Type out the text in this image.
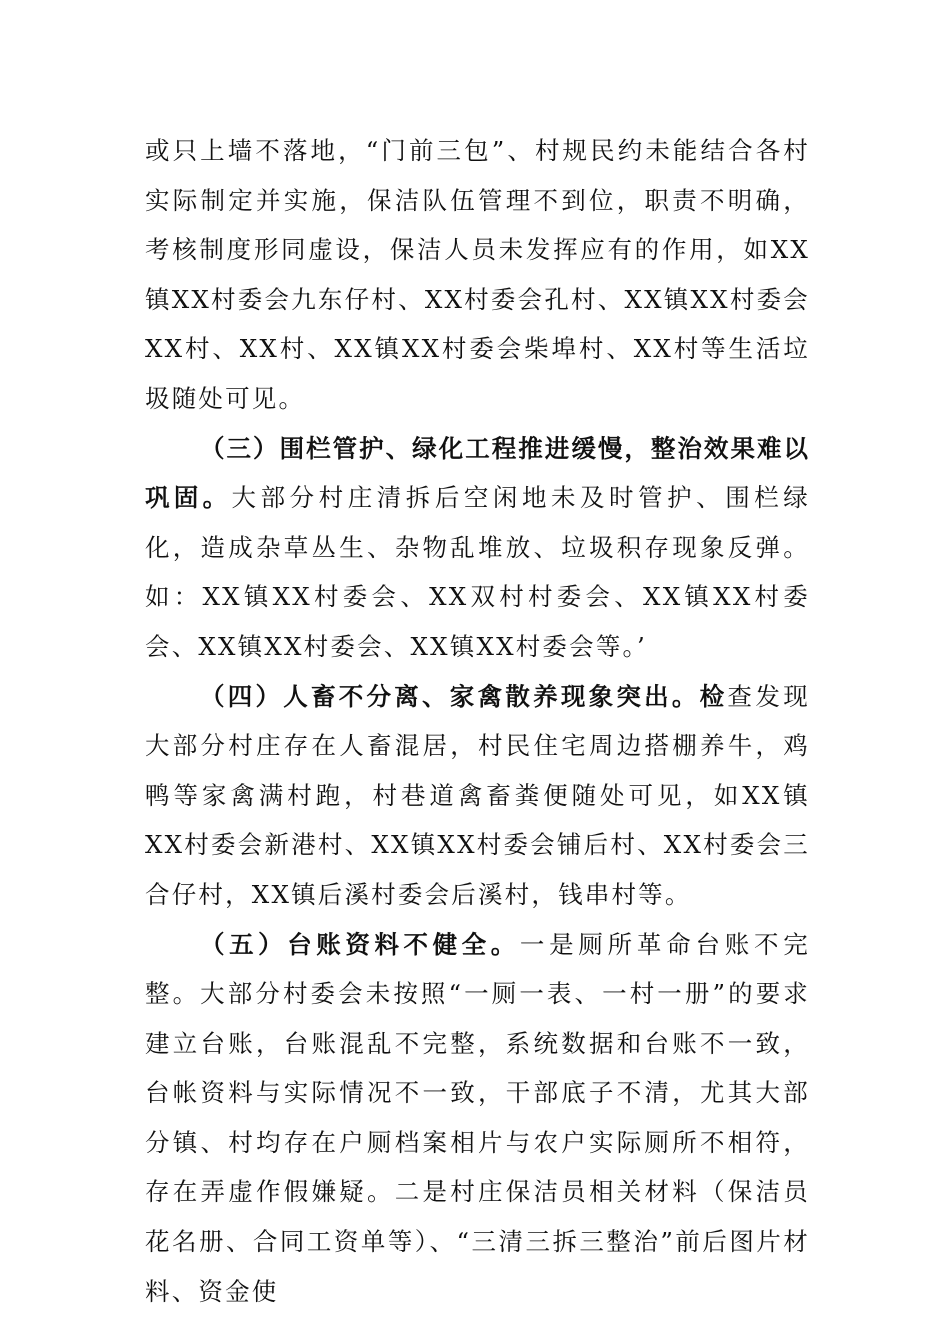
或只上墙不落地，“门前三包”、村规民约未能结合各村实际制定并实施，保洁队伍管理不到位，职责不明确，考核制度形同虚设，保洁人员未发挥应有的作用，如XX镇XX村委会九东仔村、XX村委会孔村、XX镇XX村委会XX村、XX村、XX镇XX村委会柴埠村、XX村等生活垃圾随处可见。

（三）围栏管护、绿化工程推进缓慢，整治效果难以巩固。大部分村庄清拆后空闲地未及时管护、围栏绿化，造成杂草丛生、杂物乱堆放、垃圾积存现象反弹。如：XX镇XX村委会、XX双村村委会、XX镇XX村委会、XX镇XX村委会、XX镇XX村委会等。’

（四）人畜不分离、家禽散养现象突出。检查发现大部分村庄存在人畜混居，村民住宅周边搭棚养牛，鸡鸭等家禽满村跑，村巷道禽畜粪便随处可见，如XX镇XX村委会新港村、XX镇XX村委会铺后村、XX村委会三合仔村，XX镇后溪村委会后溪村，钱串村等。

（五）台账资料不健全。一是厕所革命台账不完整。大部分村委会未按照“一厕一表、一村一册”的要求建立台账，台账混乱不完整，系统数据和台账不一致，台帐资料与实际情况不一致，干部底子不清，尤其大部分镇、村均存在户厕档案相片与农户实际厕所不相符，存在弄虚作假嫌疑。二是村庄保洁员相关材料（保洁员花名册、合同工资单等）、“三清三拆三整治”前后图片材料、资金使
